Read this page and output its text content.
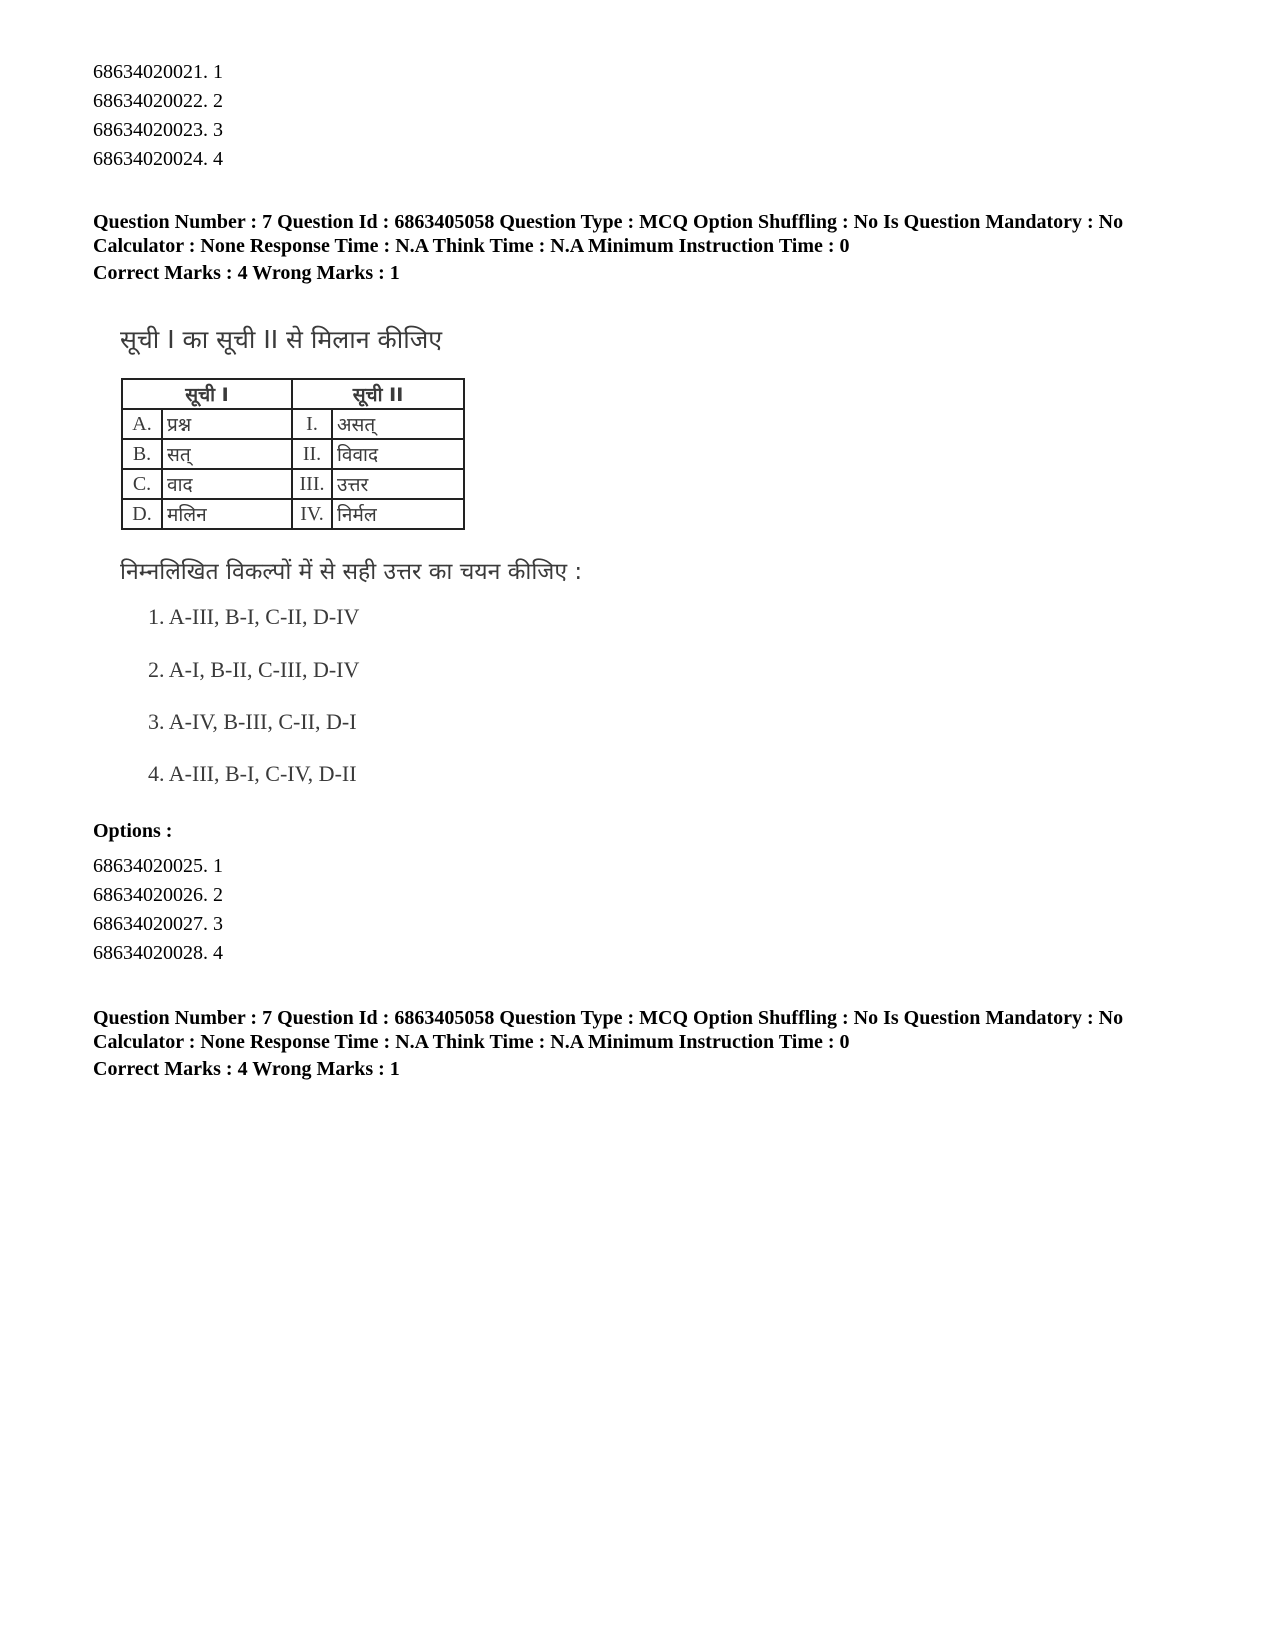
68634020021. 1
68634020022. 2
68634020023. 3
68634020024. 4
Question Number : 7 Question Id : 6863405058 Question Type : MCQ Option Shuffling : No Is Question Mandatory : No
Calculator : None Response Time : N.A Think Time : N.A Minimum Instruction Time : 0
Correct Marks : 4 Wrong Marks : 1
सूची I का सूची II से मिलान कीजिए
सूची I		सूची II	
A.	प्रश्न	I.	असत्
B.	सत्	II.	विवाद
C.	वाद	III.	उत्तर
D.	मलिन	IV.	निर्मल
निम्नलिखित विकल्पों में से सही उत्तर का चयन कीजिए :
1. A-III, B-I, C-II, D-IV
2. A-I, B-II, C-III, D-IV
3. A-IV, B-III, C-II, D-I
4. A-III, B-I, C-IV, D-II
Options :
68634020025. 1
68634020026. 2
68634020027. 3
68634020028. 4
Question Number : 7 Question Id : 6863405058 Question Type : MCQ Option Shuffling : No Is Question Mandatory : No
Calculator : None Response Time : N.A Think Time : N.A Minimum Instruction Time : 0
Correct Marks : 4 Wrong Marks : 1
